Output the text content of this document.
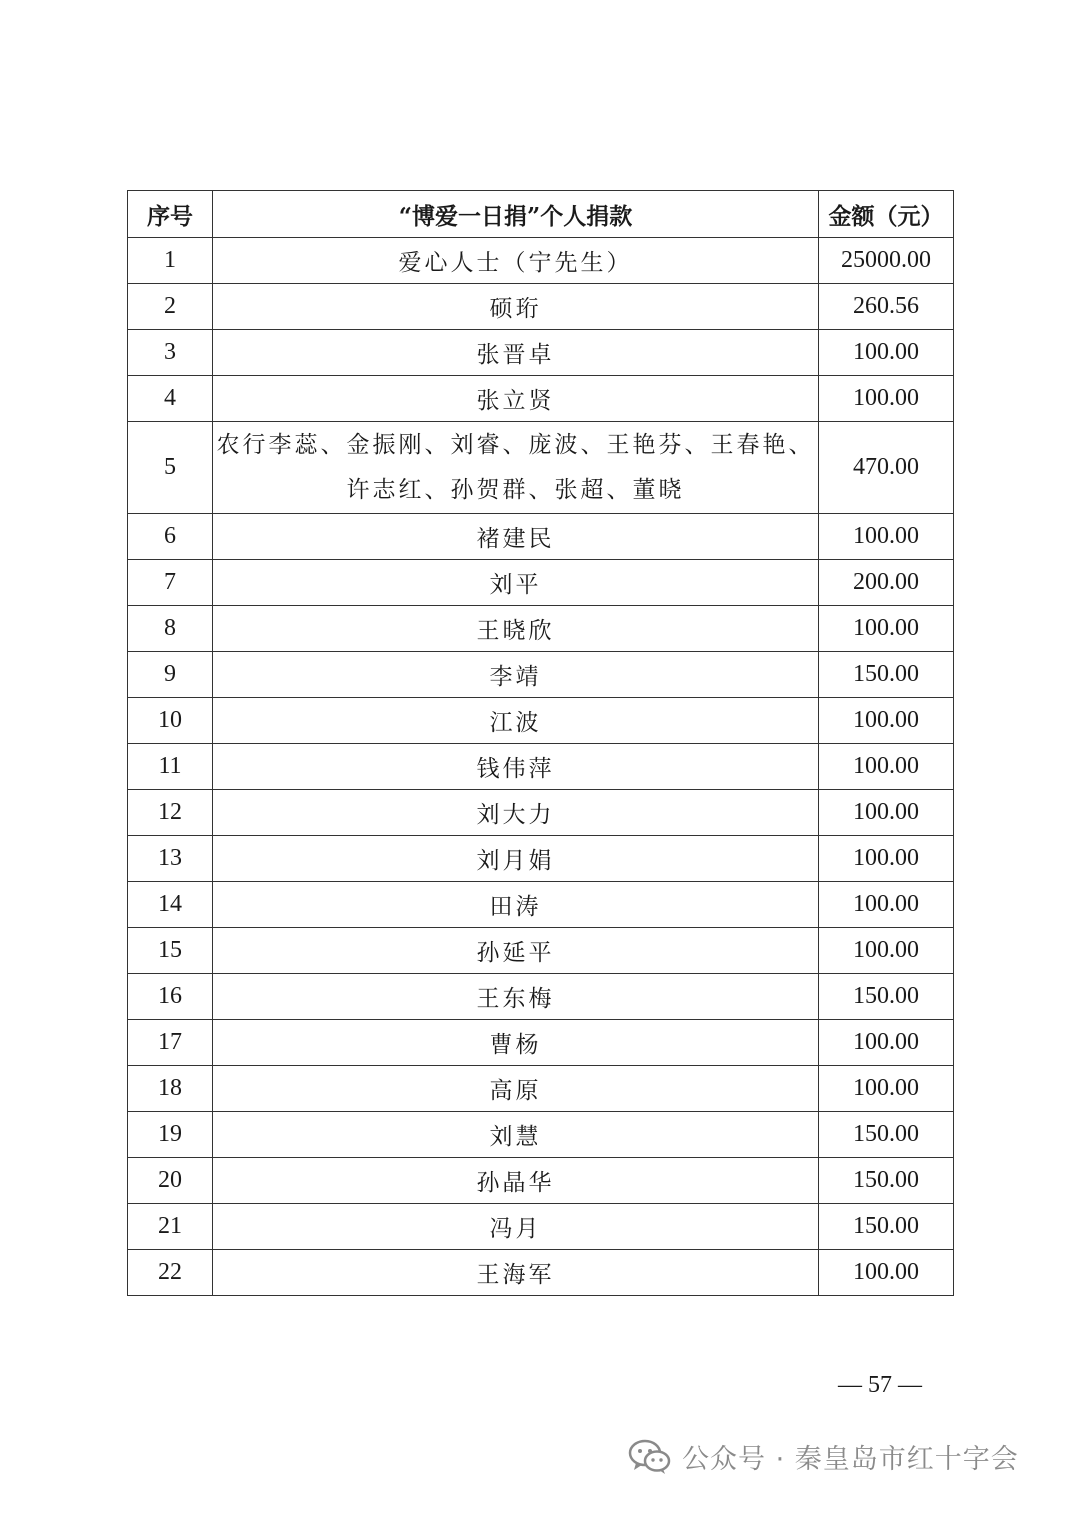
序号	“博爱一日捐”个人捐款	金额（元）
1	爱心人士（宁先生）	25000.00
2	硕珩	260.56
3	张晋卓	100.00
4	张立贤	100.00
5	农行李蕊、金振刚、刘睿、庞波、王艳芬、王春艳、
许志红、孙贺群、张超、董晓	470.00
6	褚建民	100.00
7	刘平	200.00
8	王晓欣	100.00
9	李靖	150.00
10	江波	100.00
11	钱伟萍	100.00
12	刘大力	100.00
13	刘月娟	100.00
14	田涛	100.00
15	孙延平	100.00
16	王东梅	150.00
17	曹杨	100.00
18	高原	100.00
19	刘慧	150.00
20	孙晶华	150.00
21	冯月	150.00
22	王海军	100.00
— 57 —
公众号 · 秦皇岛市红十字会
